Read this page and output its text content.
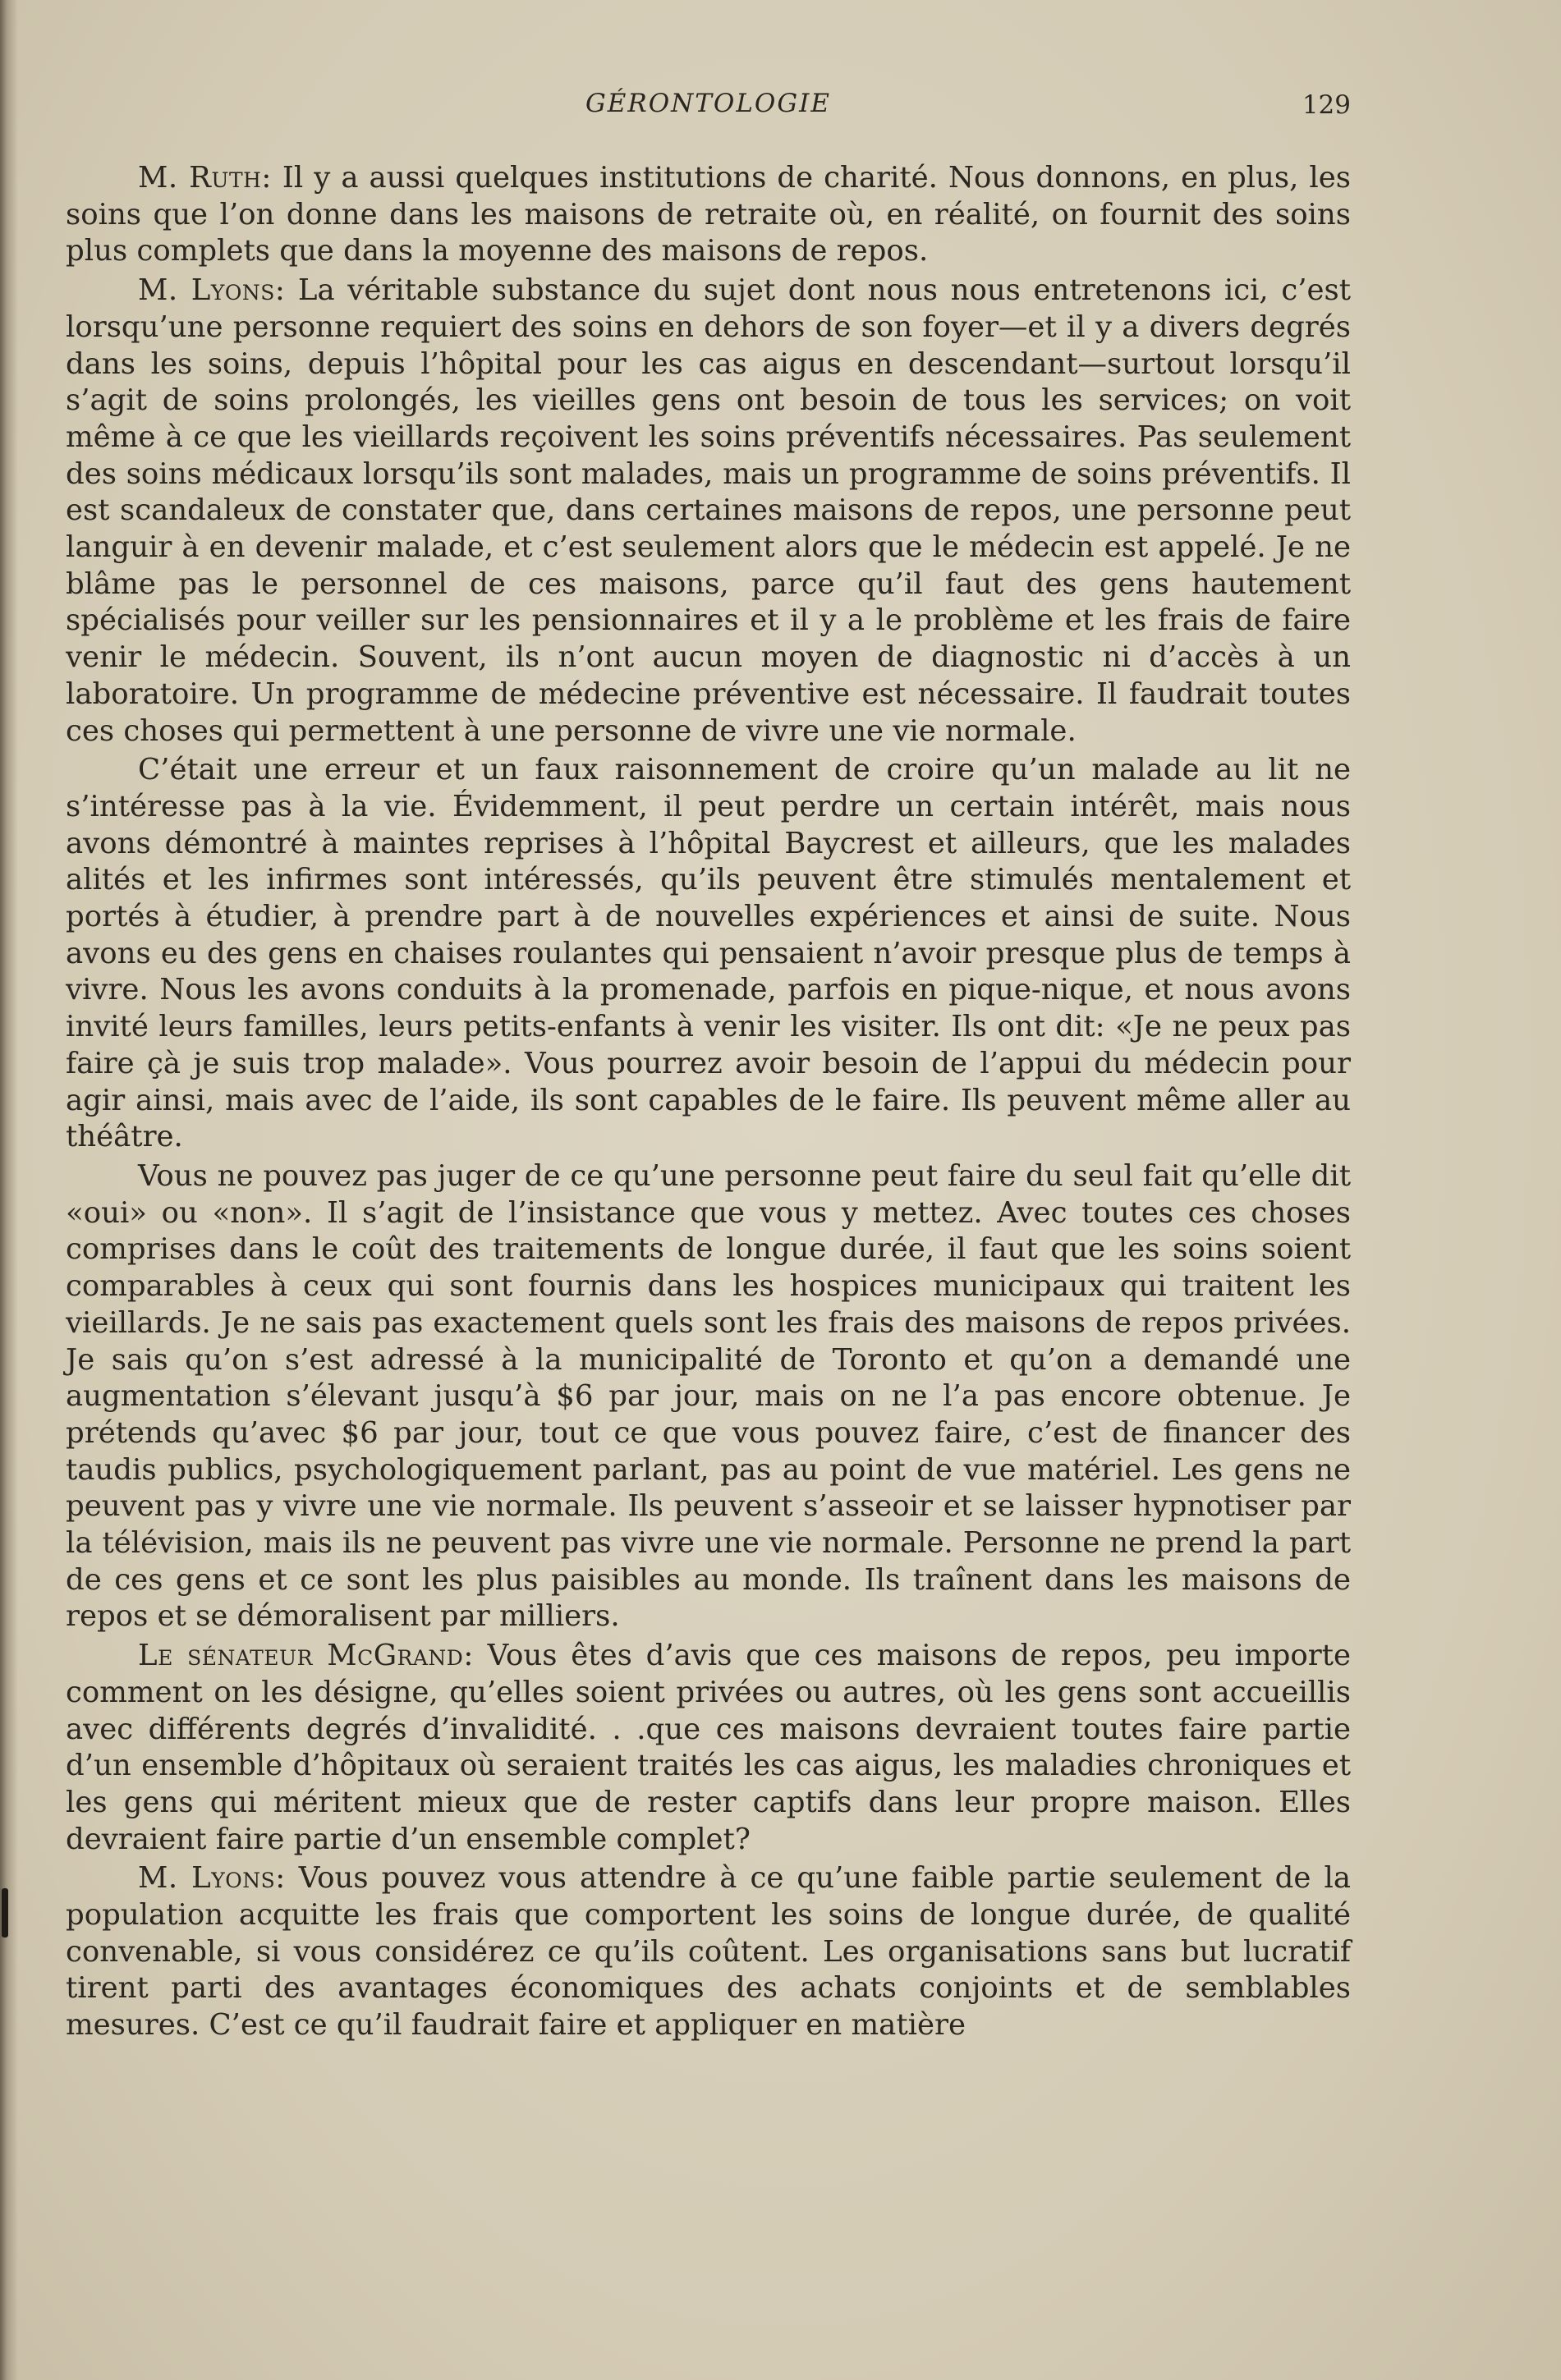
GÉRONTOLOGIE	129

M. Ruth: Il y a aussi quelques institutions de charité. Nous donnons, en plus, les soins que l’on donne dans les maisons de retraite où, en réalité, on fournit des soins plus complets que dans la moyenne des maisons de repos.

M. Lyons: La véritable substance du sujet dont nous nous entretenons ici, c’est lorsqu’une personne requiert des soins en dehors de son foyer—et il y a divers degrés dans les soins, depuis l’hôpital pour les cas aigus en descendant—surtout lorsqu’il s’agit de soins prolongés, les vieilles gens ont besoin de tous les services; on voit même à ce que les vieillards reçoivent les soins préventifs nécessaires. Pas seulement des soins médicaux lorsqu’ils sont malades, mais un programme de soins préventifs. Il est scandaleux de constater que, dans certaines maisons de repos, une personne peut languir à en devenir malade, et c’est seulement alors que le médecin est appelé. Je ne blâme pas le personnel de ces maisons, parce qu’il faut des gens hautement spécialisés pour veiller sur les pensionnaires et il y a le problème et les frais de faire venir le médecin. Souvent, ils n’ont aucun moyen de diagnostic ni d’accès à un laboratoire. Un programme de médecine préventive est nécessaire. Il faudrait toutes ces choses qui permettent à une personne de vivre une vie normale.

C’était une erreur et un faux raisonnement de croire qu’un malade au lit ne s’intéresse pas à la vie. Évidemment, il peut perdre un certain intérêt, mais nous avons démontré à maintes reprises à l’hôpital Baycrest et ailleurs, que les malades alités et les infirmes sont intéressés, qu’ils peuvent être stimulés mentalement et portés à étudier, à prendre part à de nouvelles expériences et ainsi de suite. Nous avons eu des gens en chaises roulantes qui pensaient n’avoir presque plus de temps à vivre. Nous les avons conduits à la promenade, parfois en pique-nique, et nous avons invité leurs familles, leurs petits-enfants à venir les visiter. Ils ont dit: «Je ne peux pas faire çà je suis trop malade». Vous pourrez avoir besoin de l’appui du médecin pour agir ainsi, mais avec de l’aide, ils sont capables de le faire. Ils peuvent même aller au théâtre.

Vous ne pouvez pas juger de ce qu’une personne peut faire du seul fait qu’elle dit «oui» ou «non». Il s’agit de l’insistance que vous y mettez. Avec toutes ces choses comprises dans le coût des traitements de longue durée, il faut que les soins soient comparables à ceux qui sont fournis dans les hospices municipaux qui traitent les vieillards. Je ne sais pas exactement quels sont les frais des maisons de repos privées. Je sais qu’on s’est adressé à la municipalité de Toronto et qu’on a demandé une augmentation s’élevant jusqu’à $6 par jour, mais on ne l’a pas encore obtenue. Je prétends qu’avec $6 par jour, tout ce que vous pouvez faire, c’est de financer des taudis publics, psychologiquement parlant, pas au point de vue matériel. Les gens ne peuvent pas y vivre une vie normale. Ils peuvent s’asseoir et se laisser hypnotiser par la télévision, mais ils ne peuvent pas vivre une vie normale. Personne ne prend la part de ces gens et ce sont les plus paisibles au monde. Ils traînent dans les maisons de repos et se démoralisent par milliers.

Le sénateur McGrand: Vous êtes d’avis que ces maisons de repos, peu importe comment on les désigne, qu’elles soient privées ou autres, où les gens sont accueillis avec différents degrés d’invalidité. . .que ces maisons devraient toutes faire partie d’un ensemble d’hôpitaux où seraient traités les cas aigus, les maladies chroniques et les gens qui méritent mieux que de rester captifs dans leur propre maison. Elles devraient faire partie d’un ensemble complet?

M. Lyons: Vous pouvez vous attendre à ce qu’une faible partie seulement de la population acquitte les frais que comportent les soins de longue durée, de qualité convenable, si vous considérez ce qu’ils coûtent. Les organisations sans but lucratif tirent parti des avantages économiques des achats conjoints et de semblables mesures. C’est ce qu’il faudrait faire et appliquer en matière
